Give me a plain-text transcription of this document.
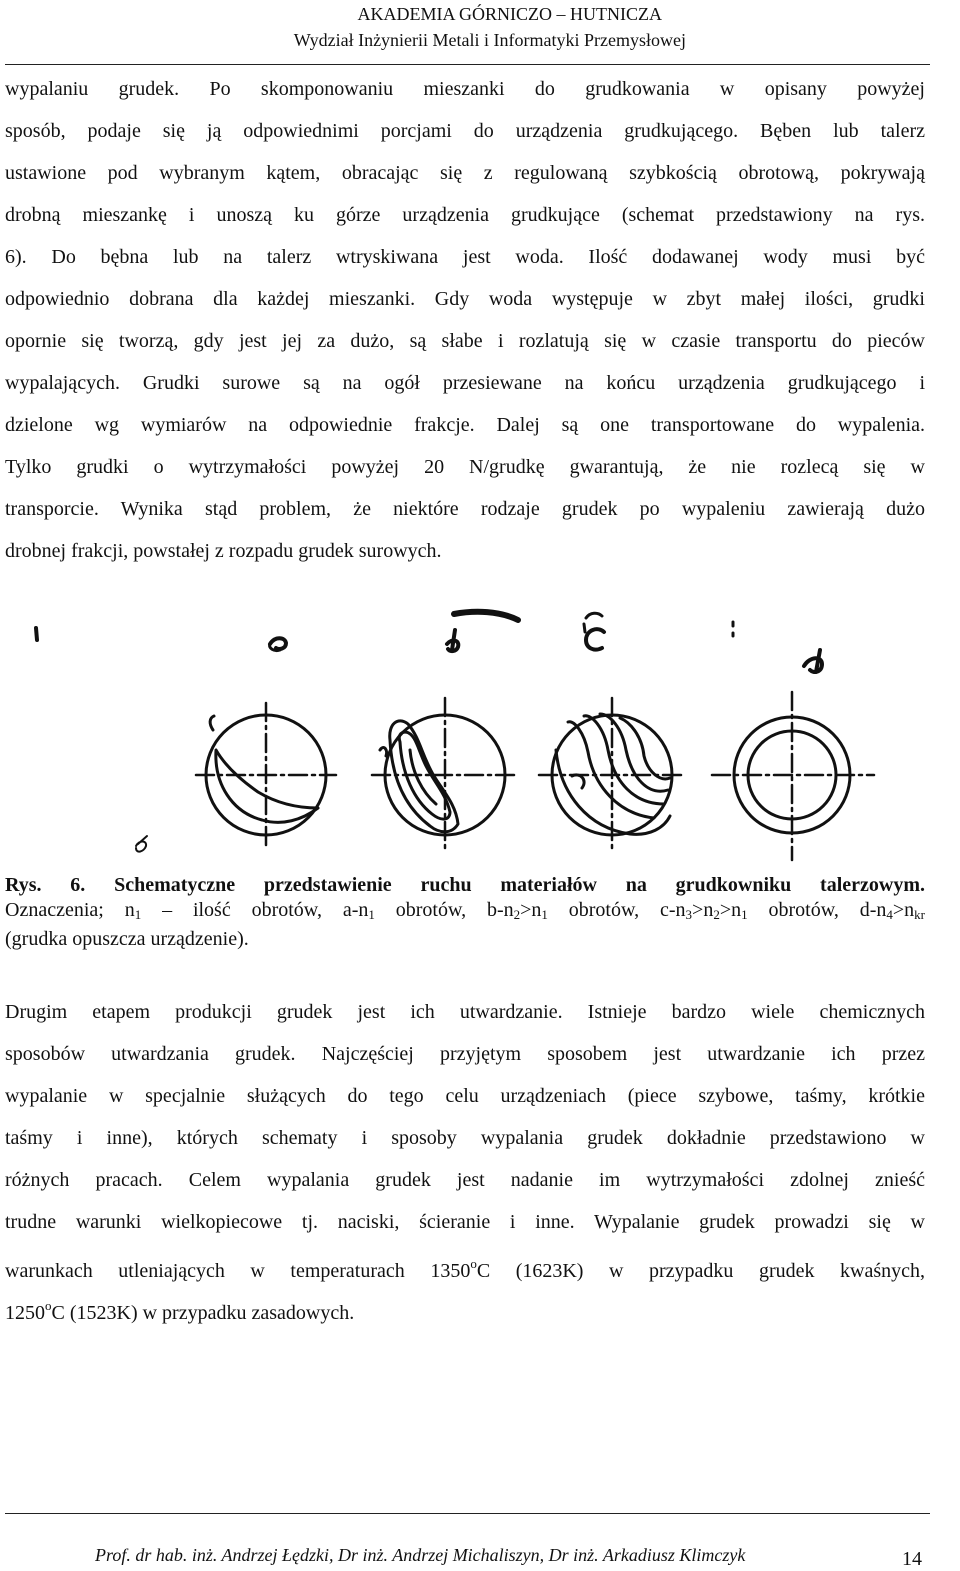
AKADEMIA GÓRNICZO – HUTNICZA
Wydział Inżynierii Metali i Informatyki Przemysłowej
wypalaniu grudek. Po skomponowaniu mieszanki do grudkowania w opisany powyżej
sposób, podaje się ją odpowiednimi porcjami do urządzenia grudkującego. Bęben lub talerz
ustawione pod wybranym kątem, obracając się z regulowaną szybkością obrotową, pokrywają
drobną mieszankę i unoszą ku górze urządzenia grudkujące (schemat przedstawiony na rys.
6). Do bębna lub na talerz wtryskiwana jest woda. Ilość dodawanej wody musi być
odpowiednio dobrana dla każdej mieszanki. Gdy woda występuje w zbyt małej ilości, grudki
opornie się tworzą, gdy jest jej za dużo, są słabe i rozlatują się w czasie transportu do pieców
wypalających. Grudki surowe są na ogół przesiewane na końcu urządzenia grudkującego i
dzielone wg wymiarów na odpowiednie frakcje. Dalej są one transportowane do wypalenia.
Tylko grudki o wytrzymałości powyżej 20 N/grudkę gwarantują, że nie rozlecą się w
transporcie. Wynika stąd problem, że niektóre rodzaje grudek po wypaleniu zawierają dużo
drobnej frakcji, powstałej z rozpadu grudek surowych.
Rys. 6. Schematyczne przedstawienie ruchu materiałów na grudkowniku talerzowym.
Oznaczenia; $n_1$ – ilość obrotów, $a-n_1$ obrotów, $b-n_2>n_1$ obrotów, $c-n_3>n_2>n_1$ obrotów, $d-n_4>n_{kr}$
(grudka opuszcza urządzenie).
Drugim etapem produkcji grudek jest ich utwardzanie. Istnieje bardzo wiele chemicznych
sposobów utwardzania grudek. Najczęściej przyjętym sposobem jest utwardzanie ich przez
wypalanie w specjalnie służących do tego celu urządzeniach (piece szybowe, taśmy, krótkie
taśmy i inne), których schematy i sposoby wypalania grudek dokładnie przedstawiono w
różnych pracach. Celem wypalania grudek jest nadanie im wytrzymałości zdolnej znieść
trudne warunki wielkopiecowe tj. naciski, ścieranie i inne. Wypalanie grudek prowadzi się w
warunkach utleniających w temperaturach 1350$^o$C (1623K) w przypadku grudek kwaśnych,
1250$^o$C (1523K) w przypadku zasadowych.
Prof. dr hab. inż. Andrzej Łędzki, Dr inż. Andrzej Michaliszyn, Dr inż. Arkadiusz Klimczyk	14
